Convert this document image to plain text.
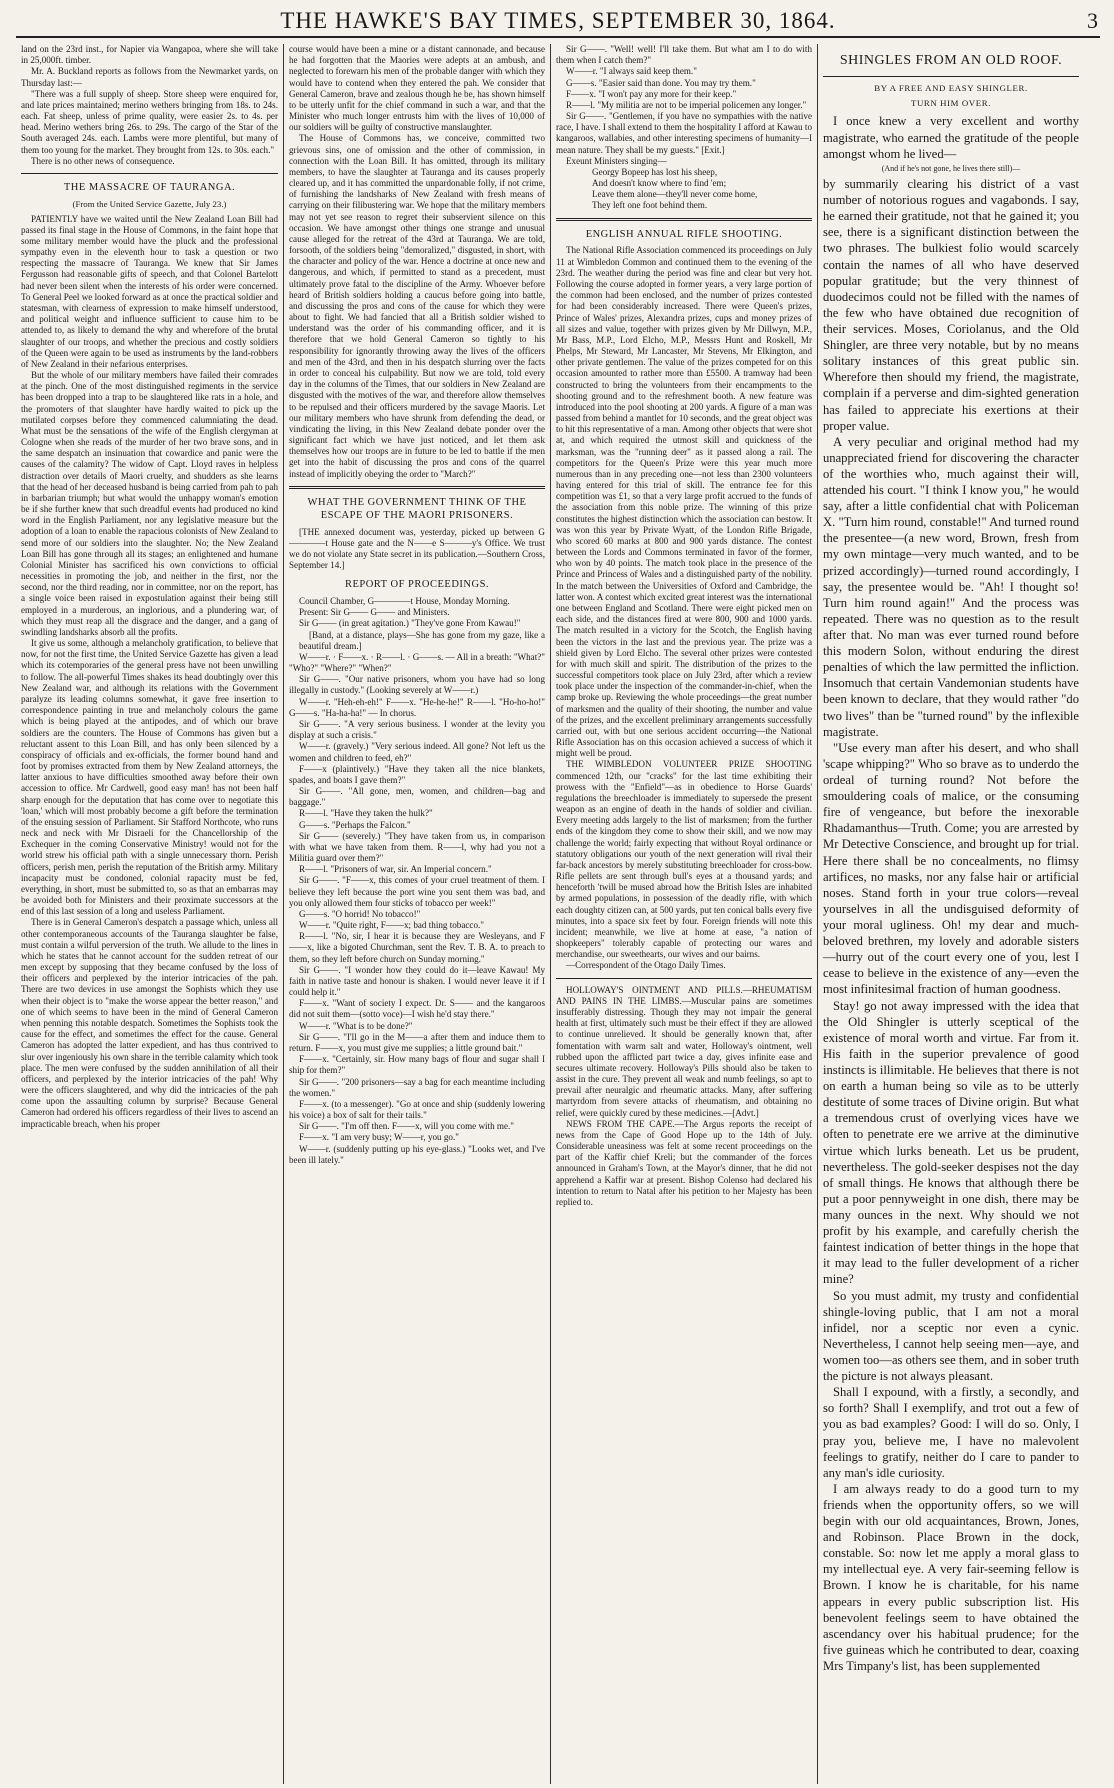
THE HAWKE'S BAY TIMES, SEPTEMBER 30, 1864.	3

land on the 23rd inst., for Napier via Wangapoa, where she will take in 25,000ft. timber.

Mr. A. Buckland reports as follows from the Newmarket yards, on Thursday last:—

"There was a full supply of sheep. Store sheep were enquired for, and late prices maintained; merino wethers bringing from 18s. to 24s. each. Fat sheep, unless of prime quality, were easier 2s. to 4s. per head. Merino wethers bring 26s. to 29s. The cargo of the Star of the South averaged 24s. each. Lambs were more plentiful, but many of them too young for the market. They brought from 12s. to 30s. each."

There is no other news of consequence.

THE MASSACRE OF TAURANGA.
(From the United Service Gazette, July 23.)

PATIENTLY have we waited until the New Zealand Loan Bill had passed its final stage in the House of Commons, in the faint hope that some military member would have the pluck and the professional sympathy even in the eleventh hour to task a question or two respecting the massacre of Tauranga. We knew that Sir James Fergusson had reasonable gifts of speech, and that Colonel Bartelott had never been silent when the interests of his order were concerned. To General Peel we looked forward as at once the practical soldier and statesman, with clearness of expression to make himself understood, and political weight and influence sufficient to cause him to be attended to, as likely to demand the why and wherefore of the brutal slaughter of our troops, and whether the precious and costly soldiers of the Queen were again to be used as instruments by the land-robbers of New Zealand in their nefarious enterprises.

But the whole of our military members have failed their comrades at the pinch. One of the most distinguished regiments in the service has been dropped into a trap to be slaughtered like rats in a hole, and the promoters of that slaughter have hardly waited to pick up the mutilated corpses before they commenced calumniating the dead. What must be the sensations of the wife of the English clergyman at Cologne when she reads of the murder of her two brave sons, and in the same despatch an insinuation that cowardice and panic were the causes of the calamity? The widow of Capt. Lloyd raves in helpless distraction over details of Maori cruelty, and shudders as she learns that the head of her deceased husband is being carried from pah to pah in barbarian triumph; but what would the unhappy woman's emotion be if she further knew that such dreadful events had produced no kind word in the English Parliament, nor any legislative measure but the adoption of a loan to enable the rapacious colonists of New Zealand to send more of our soldiers into the slaughter. No; the New Zealand Loan Bill has gone through all its stages; an enlightened and humane Colonial Minister has sacrificed his own convictions to official necessities in promoting the job, and neither in the first, nor the second, nor the third reading, nor in committee, nor on the report, has a single voice been raised in expostulation against their being still employed in a murderous, an inglorious, and a plundering war, of which they must reap all the disgrace and the danger, and a gang of swindling landsharks absorb all the profits.

It give us some, although a melancholy gratification, to believe that now, for not the first time, the United Service Gazette has given a lead which its cotemporaries of the general press have not been unwilling to follow. The all-powerful Times shakes its head doubtingly over this New Zealand war, and although its relations with the Government paralyze its leading columns somewhat, it gave free insertion to correspondence painting in true and melancholy colours the game which is being played at the antipodes, and of which our brave soldiers are the counters. The House of Commons has given but a reluctant assent to this Loan Bill, and has only been silenced by a conspiracy of officials and ex-officials, the former bound hand and foot by promises extracted from them by New Zealand attorneys, the latter anxious to have difficulties smoothed away before their own accession to office. Mr Cardwell, good easy man! has not been half sharp enough for the deputation that has come over to negotiate this 'loan,' which will most probably become a gift before the termination of the ensuing session of Parliament. Sir Stafford Northcote, who runs neck and neck with Mr Disraeli for the Chancellorship of the Exchequer in the coming Conservative Ministry! would not for the world strew his official path with a single unnecessary thorn. Perish officers, perish men, perish the reputation of the British army. Military incapacity must be condoned, colonial rapacity must be fed, everything, in short, must be submitted to, so as that an embarras may be avoided both for Ministers and their proximate successors at the end of this last session of a long and useless Parliament.

There is in General Cameron's despatch a passage which, unless all other contemporaneous accounts of the Tauranga slaughter be false, must contain a wilful perversion of the truth. We allude to the lines in which he states that he cannot account for the sudden retreat of our men except by supposing that they became confused by the loss of their officers and perplexed by the interior intricacies of the pah. There are two devices in use amongst the Sophists which they use when their object is to "make the worse appear the better reason," and one of which seems to have been in the mind of General Cameron when penning this notable despatch. Sometimes the Sophists took the cause for the effect, and sometimes the effect for the cause. General Cameron has adopted the latter expedient, and has thus contrived to slur over ingeniously his own share in the terrible calamity which took place. The men were confused by the sudden annihilation of all their officers, and perplexed by the interior intricacies of the pah! Why were the officers slaughtered, and why did the intricacies of the pah come upon the assaulting column by surprise? Because General Cameron had ordered his officers regardless of their lives to ascend an impracticable breach, when his proper

course would have been a mine or a distant cannonade, and because he had forgotten that the Maories were adepts at an ambush, and neglected to forewarn his men of the probable danger with which they would have to contend when they entered the pah. We consider that General Cameron, brave and zealous though he be, has shown himself to be utterly unfit for the chief command in such a war, and that the Minister who much longer entrusts him with the lives of 10,000 of our soldiers will be guilty of constructive manslaughter.

The House of Commons has, we conceive, committed two grievous sins, one of omission and the other of commission, in connection with the Loan Bill. It has omitted, through its military members, to have the slaughter at Tauranga and its causes properly cleared up, and it has committed the unpardonable folly, if not crime, of furnishing the landsharks of New Zealand with fresh means of carrying on their filibustering war. We hope that the military members may not yet see reason to regret their subservient silence on this occasion. We have amongst other things one strange and unusual cause alleged for the retreat of the 43rd at Tauranga. We are told, forsooth, of the soldiers being "demoralized," disgusted, in short, with the character and policy of the war. Hence a doctrine at once new and dangerous, and which, if permitted to stand as a precedent, must ultimately prove fatal to the discipline of the Army. Whoever before heard of British soldiers holding a caucus before going into battle, and discussing the pros and cons of the cause for which they were about to fight. We had fancied that all a British soldier wished to understand was the order of his commanding officer, and it is therefore that we hold General Cameron so tightly to his responsibility for ignorantly throwing away the lives of the officers and men of the 43rd, and then in his despatch slurring over the facts in order to conceal his culpability. But now we are told, told every day in the columns of the Times, that our soldiers in New Zealand are disgusted with the motives of the war, and therefore allow themselves to be repulsed and their officers murdered by the savage Maoris. Let our military members who have shrunk from defending the dead, or vindicating the living, in this New Zealand debate ponder over the significant fact which we have just noticed, and let them ask themselves how our troops are in future to be led to battle if the men get into the habit of discussing the pros and cons of the quarrel instead of implicitly obeying the order to "March?"

WHAT THE GOVERNMENT THINK OF THE ESCAPE OF THE MAORI PRISONERS.

[THE annexed document was, yesterday, picked up between G————t House gate and the N——e S———y's Office. We trust we do not violate any State secret in its publication.—Southern Cross, September 14.]

REPORT OF PROCEEDINGS.

Council Chamber, G————t House, Monday Morning.

Present: Sir G—— G—— and Ministers.

Sir G—— (in great agitation.) "They've gone From Kawau!"

[Band, at a distance, plays—She has gone from my gaze, like a beautiful dream.]

W——r. · F——x. · R——l. · G——s. — All in a breath: "What?" "Who?" "Where?" "When?"

Sir G——. "Our native prisoners, whom you have had so long illegally in custody." (Looking severely at W——r.)

W——r. "Heh-eh-eh!" F——x. "He-he-he!" R——l. "Ho-ho-ho!" G——s. "Ha-ha-ha!" — In chorus.

Sir G——. "A very serious business. I wonder at the levity you display at such a crisis."

W——r. (gravely.) "Very serious indeed. All gone? Not left us the women and children to feed, eh?"

F——x (plaintively.) "Have they taken all the nice blankets, spades, and boats I gave them?"

Sir G——. "All gone, men, women, and children—bag and baggage."

R——l. "Have they taken the hulk?"

G——s. "Perhaps the Falcon."

Sir G—— (severely.) "They have taken from us, in comparison with what we have taken from them. R——l, why had you not a Militia guard over them?"

R——l. "Prisoners of war, sir. An Imperial concern."

Sir G——. "F——x, this comes of your cruel treatment of them. I believe they left because the port wine you sent them was bad, and you only allowed them four sticks of tobacco per week!"

G——s. "O horrid! No tobacco!"

W——r. "Quite right, F——x; bad thing tobacco."

R——l. "No, sir, I hear it is because they are Wesleyans, and F——x, like a bigoted Churchman, sent the Rev. T. B. A. to preach to them, so they left before church on Sunday morning."

Sir G——. "I wonder how they could do it—leave Kawau! My faith in native taste and honour is shaken. I would never leave it if I could help it."

F——x. "Want of society I expect. Dr. S—— and the kangaroos did not suit them—(sotto voce)—I wish he'd stay there."

W——r. "What is to be done?"

Sir G——. "I'll go in the M——a after them and induce them to return. F——x, you must give me supplies; a little ground bait."

F——x. "Certainly, sir. How many bags of flour and sugar shall I ship for them?"

Sir G——. "200 prisoners—say a bag for each meantime including the women."

F——x. (to a messenger). "Go at once and ship (suddenly lowering his voice) a box of salt for their tails."

Sir G——. "I'm off then. F——x, will you come with me."

F——x. "I am very busy; W——r, you go."

W——r. (suddenly putting up his eye-glass.) "Looks wet, and I've been ill lately."

Sir G——. "Well! well! I'll take them. But what am I to do with them when I catch them?"

W——r. "I always said keep them."

G——s. "Easier said than done. You may try them."

F——x. "I won't pay any more for their keep."

R——l. "My militia are not to be imperial policemen any longer."

Sir G——. "Gentlemen, if you have no sympathies with the native race, I have. I shall extend to them the hospitality I afford at Kawau to kangaroos, wallabies, and other interesting specimens of humanity—I mean nature. They shall be my guests." [Exit.]

Exeunt Ministers singing—

Georgy Bopeep has lost his sheep,

And doesn't know where to find 'em;

Leave them alone—they'll never come home,

They left one foot behind them.

ENGLISH ANNUAL RIFLE SHOOTING.

The National Rifle Association commenced its proceedings on July 11 at Wimbledon Common and continued them to the evening of the 23rd. The weather during the period was fine and clear but very hot. Following the course adopted in former years, a very large portion of the common had been enclosed, and the number of prizes contested for had been considerably increased. There were Queen's prizes, Prince of Wales' prizes, Alexandra prizes, cups and money prizes of all sizes and value, together with prizes given by Mr Dillwyn, M.P., Mr Bass, M.P., Lord Elcho, M.P., Messrs Hunt and Roskell, Mr Phelps, Mr Steward, Mr Lancaster, Mr Stevens, Mr Elkington, and other private gentlemen. The value of the prizes competed for on this occasion amounted to rather more than £5500. A tramway had been constructed to bring the volunteers from their encampments to the shooting ground and to the refreshment booth. A new feature was introduced into the pool shooting at 200 yards. A figure of a man was passed from behind a mantlet for 10 seconds, and the great object was to hit this representative of a man. Among other objects that were shot at, and which required the utmost skill and quickness of the marksman, was the "running deer" as it passed along a rail. The competitors for the Queen's Prize were this year much more numerous than in any preceding one—not less than 2300 volunteers having entered for this trial of skill. The entrance fee for this competition was £1, so that a very large profit accrued to the funds of the association from this noble prize. The winning of this prize constitutes the highest distinction which the association can bestow. It was won this year by Private Wyatt, of the London Rifle Brigade, who scored 60 marks at 800 and 900 yards distance. The contest between the Lords and Commons terminated in favor of the former, who won by 40 points. The match took place in the presence of the Prince and Princess of Wales and a distinguished party of the nobility. In the match between the Universities of Oxford and Cambridge, the latter won. A contest which excited great interest was the international one between England and Scotland. There were eight picked men on each side, and the distances fired at were 800, 900 and 1000 yards. The match resulted in a victory for the Scotch, the English having been the victors in the last and the previous year. The prize was a shield given by Lord Elcho. The several other prizes were contested for with much skill and spirit. The distribution of the prizes to the successful competitors took place on July 23rd, after which a review took place under the inspection of the commander-in-chief, when the camp broke up. Reviewing the whole proceedings—the great number of marksmen and the quality of their shooting, the number and value of the prizes, and the excellent preliminary arrangements successfully carried out, with but one serious accident occurring—the National Rifle Association has on this occasion achieved a success of which it might well be proud.

THE WIMBLEDON VOLUNTEER PRIZE SHOOTING commenced 12th, our "cracks" for the last time exhibiting their prowess with the "Enfield"—as in obedience to Horse Guards' regulations the breechloader is immediately to supersede the present weapon as an engine of death in the hands of soldier and civilian. Every meeting adds largely to the list of marksmen; from the further ends of the kingdom they come to show their skill, and we now may challenge the world; fairly expecting that without Royal ordinance or statutory obligations our youth of the next generation will rival their far-back ancestors by merely substituting breechloader for cross-bow. Rifle pellets are sent through bull's eyes at a thousand yards; and henceforth 'twill be mused abroad how the British Isles are inhabited by armed populations, in possession of the deadly rifle, with which each doughty citizen can, at 500 yards, put ten conical balls every five minutes, into a space six feet by four. Foreign friends will note this incident; meanwhile, we live at home at ease, "a nation of shopkeepers" tolerably capable of protecting our wares and merchandise, our sweethearts, our wives and our bairns.

—Correspondent of the Otago Daily Times.

HOLLOWAY'S OINTMENT AND PILLS.—RHEUMATISM AND PAINS IN THE LIMBS.—Muscular pains are sometimes insufferably distressing. Though they may not impair the general health at first, ultimately such must be their effect if they are allowed to continue unrelieved. It should be generally known that, after fomentation with warm salt and water, Holloway's ointment, well rubbed upon the afflicted part twice a day, gives infinite ease and secures ultimate recovery. Holloway's Pills should also be taken to assist in the cure. They prevent all weak and numb feelings, so apt to prevail after neuralgic and rheumatic attacks. Many, after suffering martyrdom from severe attacks of rheumatism, and obtaining no relief, were quickly cured by these medicines.—[Advt.]

NEWS FROM THE CAPE.—The Argus reports the receipt of news from the Cape of Good Hope up to the 14th of July. Considerable uneasiness was felt at some recent proceedings on the part of the Kaffir chief Kreli; but the commander of the forces announced in Graham's Town, at the Mayor's dinner, that he did not apprehend a Kaffir war at present. Bishop Colenso had declared his intention to return to Natal after his petition to her Majesty has been replied to.

SHINGLES FROM AN OLD ROOF.
BY A FREE AND EASY SHINGLER.
TURN HIM OVER.

I once knew a very excellent and worthy magistrate, who earned the gratitude of the people amongst whom he lived—

(And if he's not gone, he lives there still)—

by summarily clearing his district of a vast number of notorious rogues and vagabonds. I say, he earned their gratitude, not that he gained it; you see, there is a significant distinction between the two phrases. The bulkiest folio would scarcely contain the names of all who have deserved popular gratitude; but the very thinnest of duodecimos could not be filled with the names of the few who have obtained due recognition of their services. Moses, Coriolanus, and the Old Shingler, are three very notable, but by no means solitary instances of this great public sin. Wherefore then should my friend, the magistrate, complain if a perverse and dim-sighted generation has failed to appreciate his exertions at their proper value.

A very peculiar and original method had my unappreciated friend for discovering the character of the worthies who, much against their will, attended his court. "I think I know you," he would say, after a little confidential chat with Policeman X. "Turn him round, constable!" And turned round the presentee—(a new word, Brown, fresh from my own mintage—very much wanted, and to be prized accordingly)—turned round accordingly, I say, the presentee would be. "Ah! I thought so! Turn him round again!" And the process was repeated. There was no question as to the result after that. No man was ever turned round before this modern Solon, without enduring the direst penalties of which the law permitted the infliction. Insomuch that certain Vandemonian students have been known to declare, that they would rather "do two lives" than be "turned round" by the inflexible magistrate.

"Use every man after his desert, and who shall 'scape whipping?" Who so brave as to underdo the ordeal of turning round? Not before the smouldering coals of malice, or the consuming fire of vengeance, but before the inexorable Rhadamanthus—Truth. Come; you are arrested by Mr Detective Conscience, and brought up for trial. Here there shall be no concealments, no flimsy artifices, no masks, nor any false hair or artificial noses. Stand forth in your true colors—reveal yourselves in all the undisguised deformity of your moral ugliness. Oh! my dear and much-beloved brethren, my lovely and adorable sisters—hurry out of the court every one of you, lest I cease to believe in the existence of any—even the most infinitesimal fraction of human goodness.

Stay! go not away impressed with the idea that the Old Shingler is utterly sceptical of the existence of moral worth and virtue. Far from it. His faith in the superior prevalence of good instincts is illimitable. He believes that there is not on earth a human being so vile as to be utterly destitute of some traces of Divine origin. But what a tremendous crust of overlying vices have we often to penetrate ere we arrive at the diminutive virtue which lurks beneath. Let us be prudent, nevertheless. The gold-seeker despises not the day of small things. He knows that although there be put a poor pennyweight in one dish, there may be many ounces in the next. Why should we not profit by his example, and carefully cherish the faintest indication of better things in the hope that it may lead to the fuller development of a richer mine?

So you must admit, my trusty and confidential shingle-loving public, that I am not a moral infidel, nor a sceptic nor even a cynic. Nevertheless, I cannot help seeing men—aye, and women too—as others see them, and in sober truth the picture is not always pleasant.

Shall I expound, with a firstly, a secondly, and so forth? Shall I exemplify, and trot out a few of you as bad examples? Good: I will do so. Only, I pray you, believe me, I have no malevolent feelings to gratify, neither do I care to pander to any man's idle curiosity.

I am always ready to do a good turn to my friends when the opportunity offers, so we will begin with our old acquaintances, Brown, Jones, and Robinson. Place Brown in the dock, constable. So: now let me apply a moral glass to my intellectual eye. A very fair-seeming fellow is Brown. I know he is charitable, for his name appears in every public subscription list. His benevolent feelings seem to have obtained the ascendancy over his habitual prudence; for the five guineas which he contributed to dear, coaxing Mrs Timpany's list, has been supplemented
